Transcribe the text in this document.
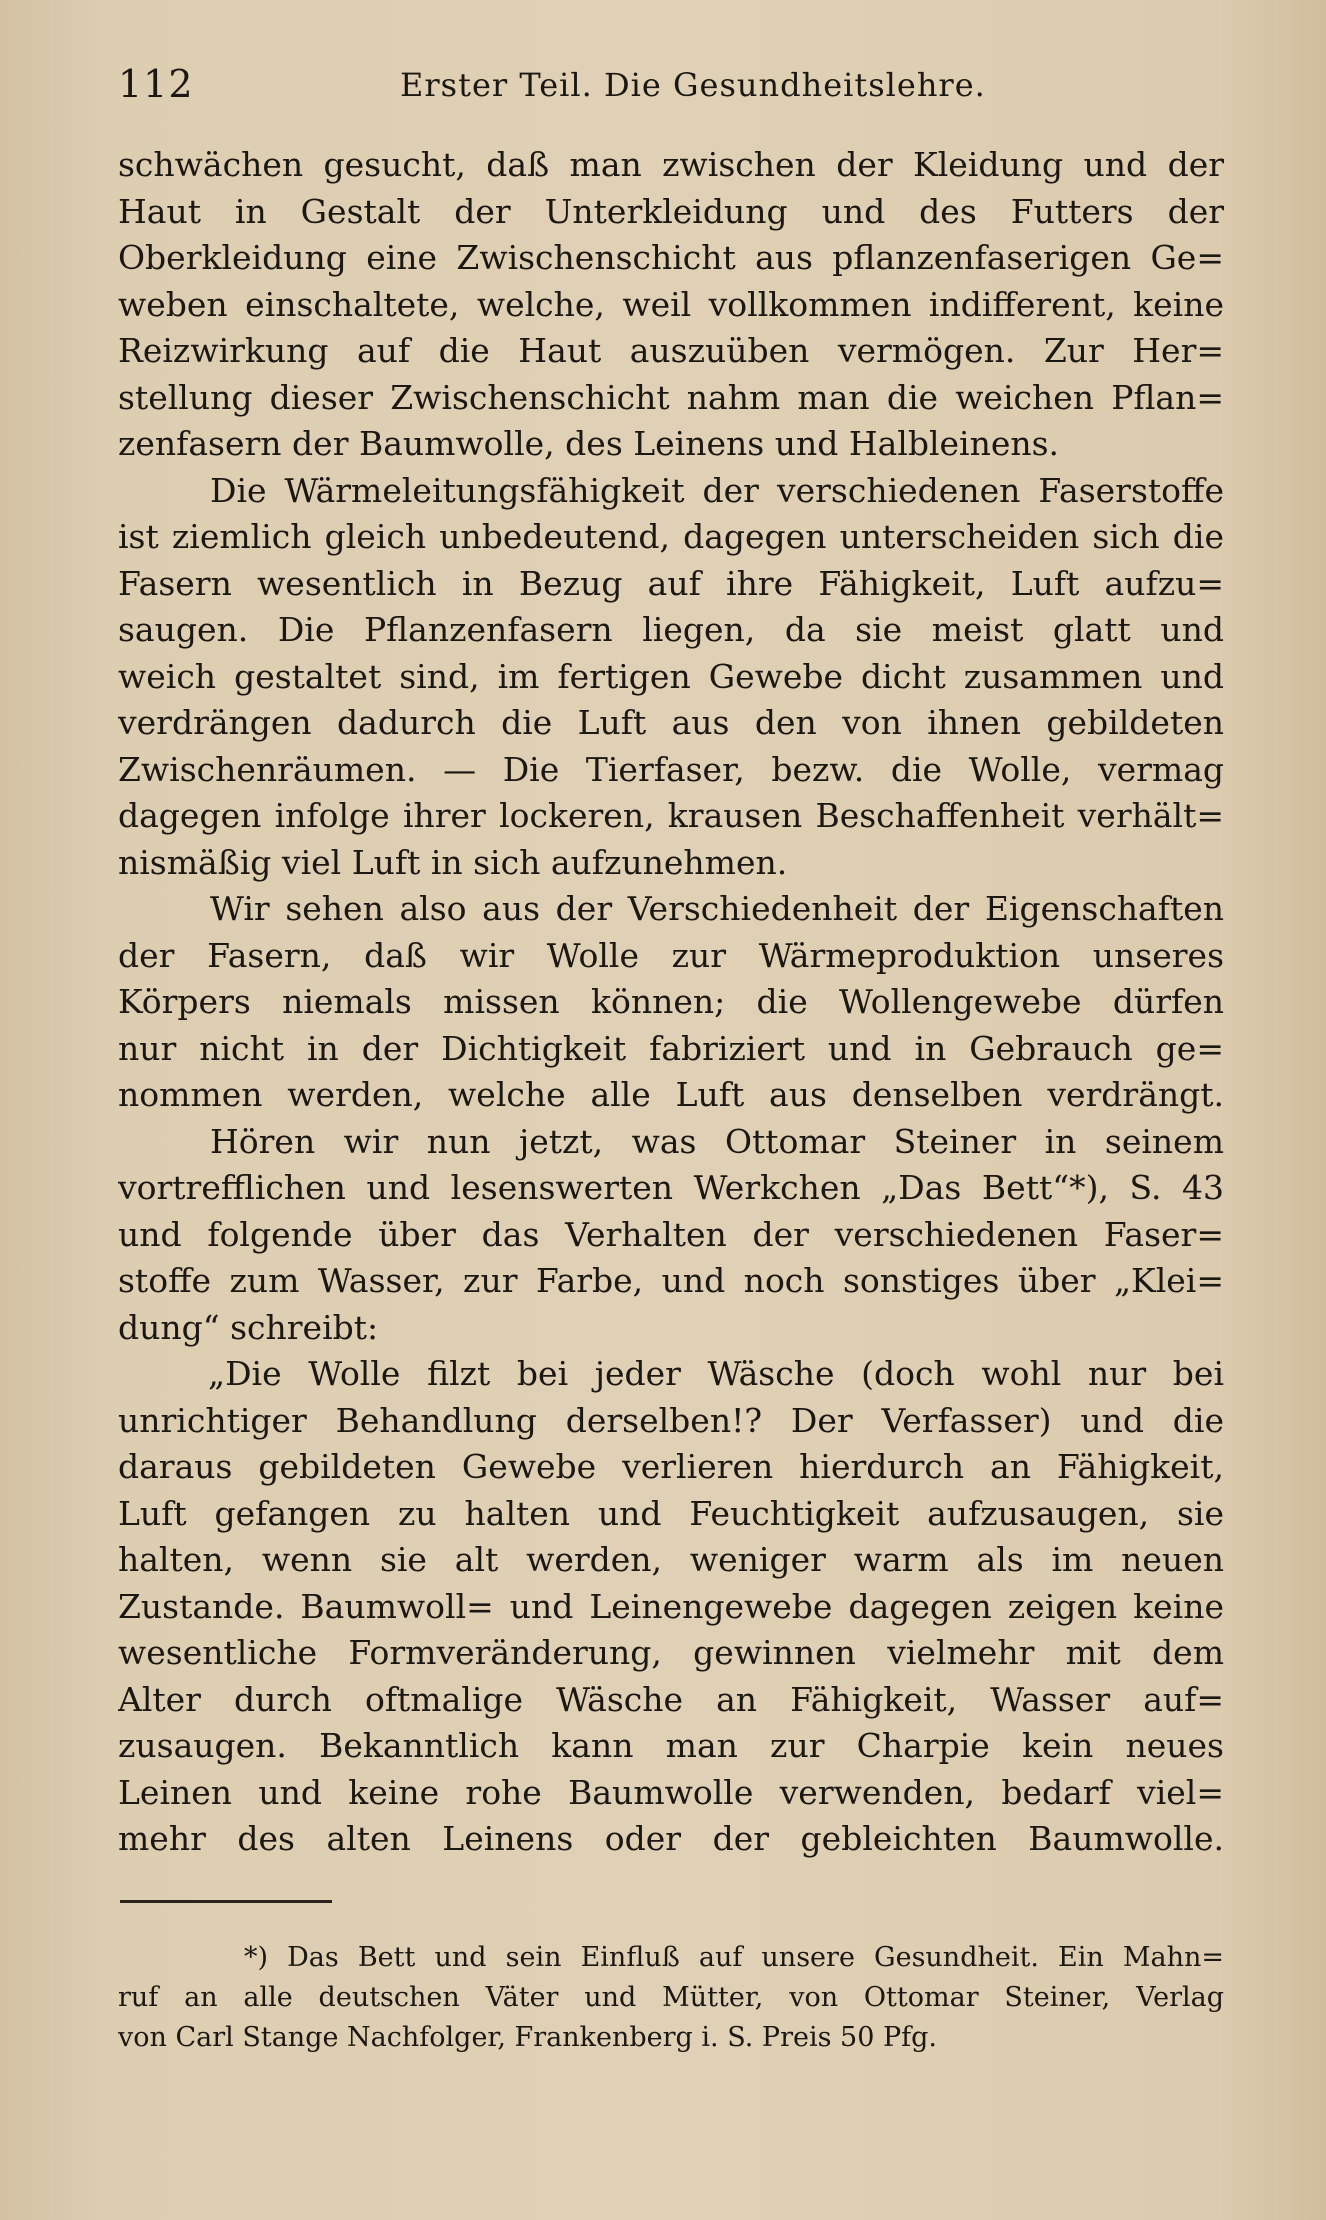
112	Erster Teil. Die Gesundheitslehre.
schwächen gesucht, daß man zwischen der Kleidung und der
Haut in Gestalt der Unterkleidung und des Futters der
Oberkleidung eine Zwischenschicht aus pflanzenfaserigen Ge=
weben einschaltete, welche, weil vollkommen indifferent, keine
Reizwirkung auf die Haut auszuüben vermögen. Zur Her=
stellung dieser Zwischenschicht nahm man die weichen Pflan=
zenfasern der Baumwolle, des Leinens und Halbleinens.
Die Wärmeleitungsfähigkeit der verschiedenen Faserstoffe
ist ziemlich gleich unbedeutend, dagegen unterscheiden sich die
Fasern wesentlich in Bezug auf ihre Fähigkeit, Luft aufzu=
saugen. Die Pflanzenfasern liegen, da sie meist glatt und
weich gestaltet sind, im fertigen Gewebe dicht zusammen und
verdrängen dadurch die Luft aus den von ihnen gebildeten
Zwischenräumen. — Die Tierfaser, bezw. die Wolle, vermag
dagegen infolge ihrer lockeren, krausen Beschaffenheit verhält=
nismäßig viel Luft in sich aufzunehmen.
Wir sehen also aus der Verschiedenheit der Eigenschaften
der Fasern, daß wir Wolle zur Wärmeproduktion unseres
Körpers niemals missen können; die Wollengewebe dürfen
nur nicht in der Dichtigkeit fabriziert und in Gebrauch ge=
nommen werden, welche alle Luft aus denselben verdrängt.
Hören wir nun jetzt, was Ottomar Steiner in seinem
vortrefflichen und lesenswerten Werkchen „Das Bett“*), S. 43
und folgende über das Verhalten der verschiedenen Faser=
stoffe zum Wasser, zur Farbe, und noch sonstiges über „Klei=
dung“ schreibt:
„Die Wolle filzt bei jeder Wäsche (doch wohl nur bei
unrichtiger Behandlung derselben!? Der Verfasser) und die
daraus gebildeten Gewebe verlieren hierdurch an Fähigkeit,
Luft gefangen zu halten und Feuchtigkeit aufzusaugen, sie
halten, wenn sie alt werden, weniger warm als im neuen
Zustande. Baumwoll= und Leinengewebe dagegen zeigen keine
wesentliche Formveränderung, gewinnen vielmehr mit dem
Alter durch oftmalige Wäsche an Fähigkeit, Wasser auf=
zusaugen. Bekanntlich kann man zur Charpie kein neues
Leinen und keine rohe Baumwolle verwenden, bedarf viel=
mehr des alten Leinens oder der gebleichten Baumwolle.
*) Das Bett und sein Einfluß auf unsere Gesundheit. Ein Mahn=
ruf an alle deutschen Väter und Mütter, von Ottomar Steiner, Verlag
von Carl Stange Nachfolger, Frankenberg i. S. Preis 50 Pfg.
